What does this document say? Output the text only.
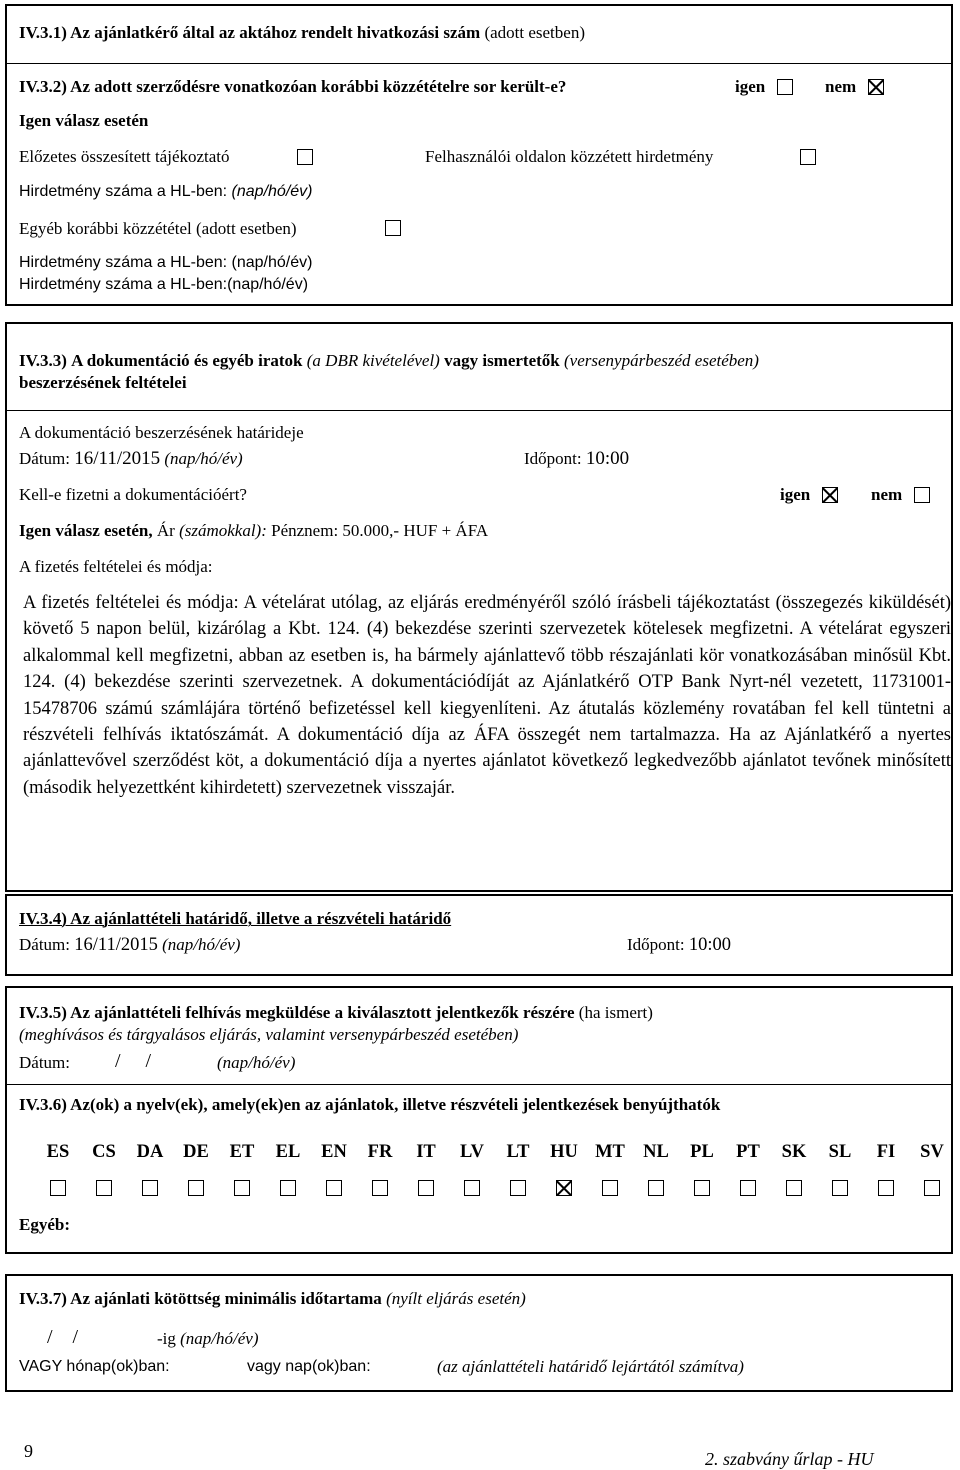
IV.3.1) Az ajánlatkérő által az aktához rendelt hivatkozási szám (adott esetben)
IV.3.2) Az adott szerződésre vonatkozóan korábbi közzétételre sor került-e?	igen	nem
Igen válasz esetén
Előzetes összesített tájékoztató	Felhasználói oldalon közzétett hirdetmény
Hirdetmény száma a HL-ben: (nap/hó/év)
Egyéb korábbi közzététel (adott esetben)
Hirdetmény száma a HL-ben: (nap/hó/év)
Hirdetmény száma a HL-ben:(nap/hó/év)
IV.3.3) A dokumentáció és egyéb iratok (a DBR kivételével) vagy ismertetők (versenypárbeszéd esetében)
beszerzésének feltételei
A dokumentáció beszerzésének határideje
Dátum: 16/11/2015 (nap/hó/év)	Időpont: 10:00
Kell-e fizetni a dokumentációért?	igen	nem
Igen válasz esetén, Ár (számokkal): Pénznem: 50.000,- HUF + ÁFA
A fizetés feltételei és módja:
A fizetés feltételei és módja: A vételárat utólag, az eljárás eredményéről szóló írásbeli tájékoztatást (összegezés kiküldését) követő 5 napon belül, kizárólag a Kbt. 124. (4) bekezdése szerinti szervezetek kötelesek megfizetni. A vételárat egyszeri alkalommal kell megfizetni, abban az esetben is, ha bármely ajánlattevő több részajánlati kör vonatkozásában minősül Kbt. 124. (4) bekezdése szerinti szervezetnek. A dokumentációdíját az Ajánlatkérő OTP Bank Nyrt-nél vezetett, 11731001-15478706 számú számlájára történő befizetéssel kell kiegyenlíteni. Az átutalás közlemény rovatában fel kell tüntetni a részvételi felhívás iktatószámát. A dokumentáció díja az ÁFA összegét nem tartalmazza. Ha az Ajánlatkérő a nyertes ajánlattevővel szerződést köt, a dokumentáció díja a nyertes ajánlatot következő legkedvezőbb ajánlatot tevőnek minősített (második helyezettként kihirdetett) szervezetnek visszajár.
IV.3.4) Az ajánlattételi határidő, illetve a részvételi határidő
Dátum: 16/11/2015 (nap/hó/év)	Időpont: 10:00
IV.3.5) Az ajánlattételi felhívás megküldése a kiválasztott jelentkezők részére (ha ismert)
(meghívásos és tárgyalásos eljárás, valamint versenypárbeszéd esetében)
Dátum: /     /	(nap/hó/év)
IV.3.6) Az(ok) a nyelv(ek), amely(ek)en az ajánlatok, illetve részvételi jelentkezések benyújthatók
ES	CS	DA	DE	ET	EL	EN	FR	IT	LV	LT	HU MT NL	PL	PT	SK	SL	FI	SV
Egyéb:
IV.3.7) Az ajánlati kötöttség minimális időtartama (nyílt eljárás esetén)
/    /	-ig (nap/hó/év)
VAGY hónap(ok)ban:	vagy nap(ok)ban:	(az ajánlattételi határidő lejártától számítva)
9	2. szabvány űrlap - HU
